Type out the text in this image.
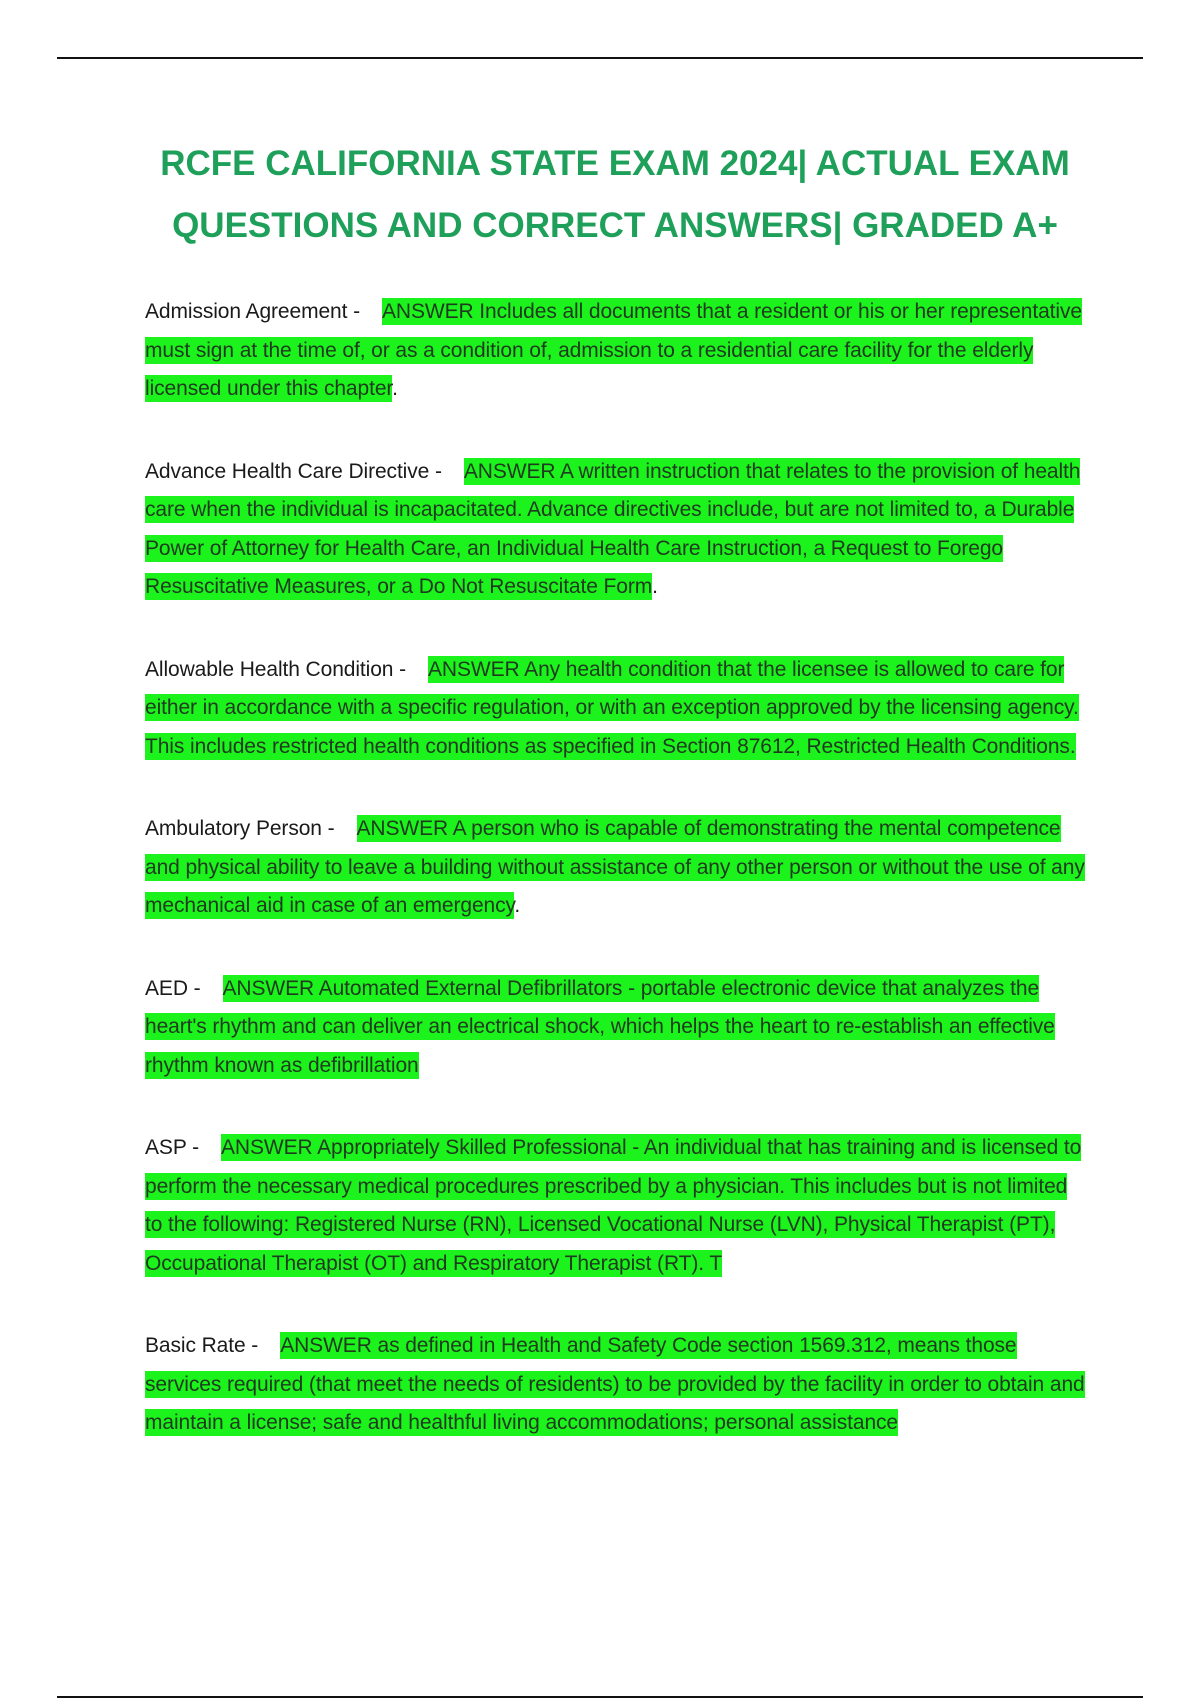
RCFE CALIFORNIA STATE EXAM 2024| ACTUAL EXAM
QUESTIONS AND CORRECT ANSWERS| GRADED A+

Admission Agreement - ANSWER Includes all documents that a resident or his or her representative must sign at the time of, or as a condition of, admission to a residential care facility for the elderly licensed under this chapter.

Advance Health Care Directive - ANSWER A written instruction that relates to the provision of health care when the individual is incapacitated. Advance directives include, but are not limited to, a Durable Power of Attorney for Health Care, an Individual Health Care Instruction, a Request to Forego Resuscitative Measures, or a Do Not Resuscitate Form.

Allowable Health Condition - ANSWER Any health condition that the licensee is allowed to care for either in accordance with a specific regulation, or with an exception approved by the licensing agency. This includes restricted health conditions as specified in Section 87612, Restricted Health Conditions.

Ambulatory Person - ANSWER A person who is capable of demonstrating the mental competence and physical ability to leave a building without assistance of any other person or without the use of any mechanical aid in case of an emergency.

AED - ANSWER Automated External Defibrillators - portable electronic device that analyzes the heart's rhythm and can deliver an electrical shock, which helps the heart to re-establish an effective rhythm known as defibrillation

ASP - ANSWER Appropriately Skilled Professional - An individual that has training and is licensed to perform the necessary medical procedures prescribed by a physician. This includes but is not limited to the following: Registered Nurse (RN), Licensed Vocational Nurse (LVN), Physical Therapist (PT), Occupational Therapist (OT) and Respiratory Therapist (RT). T

Basic Rate - ANSWER as defined in Health and Safety Code section 1569.312, means those services required (that meet the needs of residents) to be provided by the facility in order to obtain and maintain a license; safe and healthful living accommodations; personal assistance
